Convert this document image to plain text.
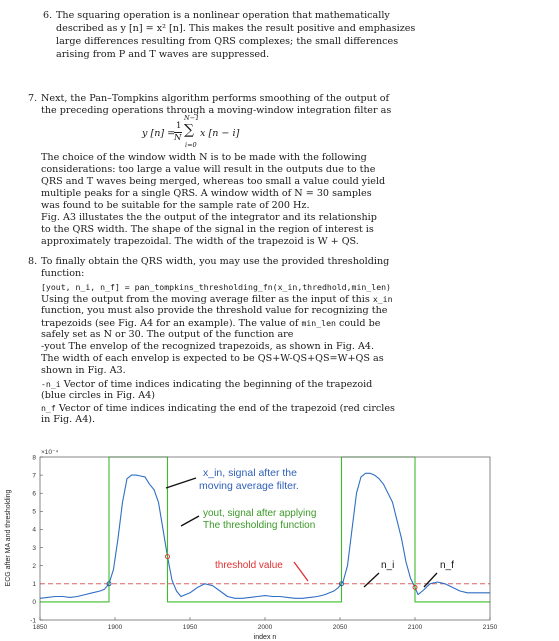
6. The squaring operation is a nonlinear operation that mathematically
described as y [n] = x² [n]. This makes the result positive and emphasizes
large differences resulting from QRS complexes; the small differences
arising from P and T waves are suppressed.
7. Next, the Pan–Tompkins algorithm performs smoothing of the output of
the preceding operations through a moving-window integration filter as
y [n] =
1
N
N−1
∑
i=0
x [n − i]
The choice of the window width N is to be made with the following
considerations: too large a value will result in the outputs due to the
QRS and T waves being merged, whereas too small a value could yield
multiple peaks for a single QRS. A window width of N = 30 samples
was found to be suitable for the sample rate of 200 Hz.
Fig. A3 illustates the the output of the integrator and its relationship
to the QRS width. The shape of the signal in the region of interest is
approximately trapezoidal. The width of the trapezoid is W + QS.
8. To finally obtain the QRS width, you may use the provided thresholding
function:
[yout, n_i, n_f] = pan_tompkins_thresholding_fn(x_in,thredhold,min_len)
Using the output from the moving average filter as the input of this x_in
function, you must also provide the threshold value for recognizing the
trapezoids (see Fig. A4 for an example). The value of min_len could be
safely set as N or 30. The output of the function are
-yout The envelop of the recognized trapezoids, as shown in Fig. A4.
The width of each envelop is expected to be QS+W-QS+QS=W+QS as
shown in Fig. A3.
-n_i Vector of time indices indicating the beginning of the trapezoid
(blue circles in Fig. A4)
n_f Vector of time indices indicating the end of the trapezoid (red circles
in Fig. A4).
1850	1900	1950	2000	2050	2100	2150
-1
0
1
2
3
4
5
6
7
8
×10⁻⁴
ECG after MA and thresholding
index n
x_in, signal after the
moving average filter.
yout, signal after applying
The thresholding function
threshold value	n_i	n_f
